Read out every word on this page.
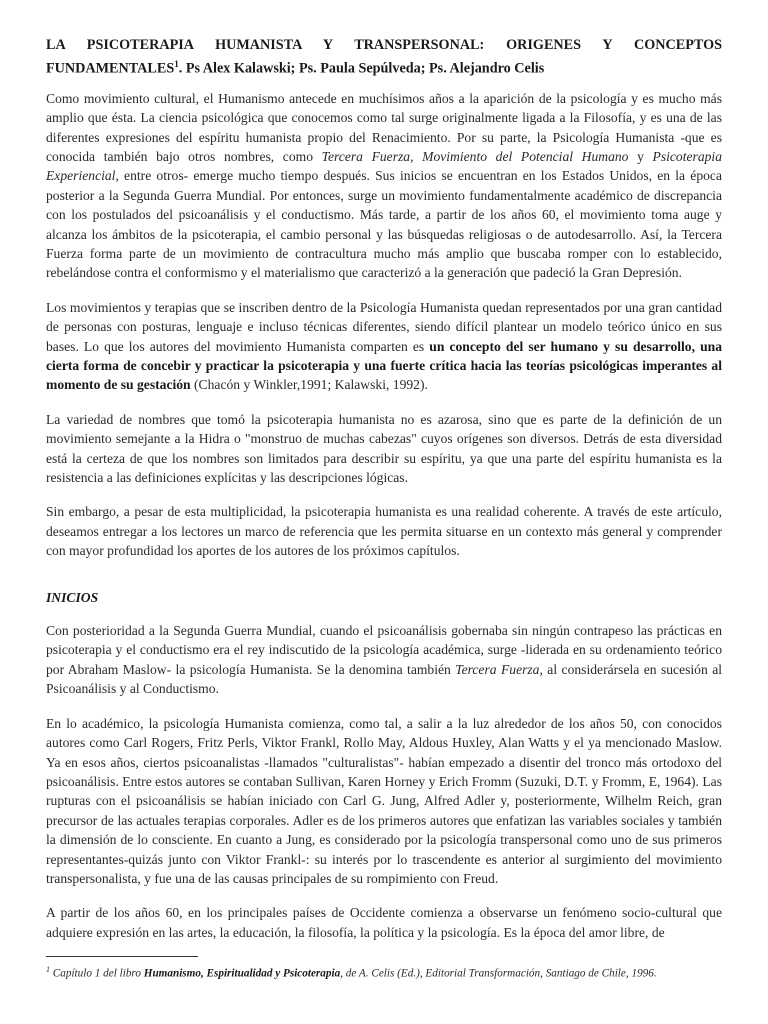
LA PSICOTERAPIA HUMANISTA Y TRANSPERSONAL: ORIGENES Y CONCEPTOS FUNDAMENTALES$^1$. Ps Alex Kalawski; Ps. Paula Sepúlveda; Ps. Alejandro Celis

Como movimiento cultural, el Humanismo antecede en muchísimos años a la aparición de la psicología y es mucho más amplio que ésta. La ciencia psicológica que conocemos como tal surge originalmente ligada a la Filosofía, y es una de las diferentes expresiones del espíritu humanista propio del Renacimiento. Por su parte, la Psicología Humanista -que es conocida también bajo otros nombres, como Tercera Fuerza, Movimiento del Potencial Humano y Psicoterapia Experiencial, entre otros- emerge mucho tiempo después. Sus inicios se encuentran en los Estados Unidos, en la época posterior a la Segunda Guerra Mundial. Por entonces, surge un movimiento fundamentalmente académico de discrepancia con los postulados del psicoanálisis y el conductismo. Más tarde, a partir de los años 60, el movimiento toma auge y alcanza los ámbitos de la psicoterapia, el cambio personal y las búsquedas religiosas o de autodesarrollo. Así, la Tercera Fuerza forma parte de un movimiento de contracultura mucho más amplio que buscaba romper con lo establecido, rebelándose contra el conformismo y el materialismo que caracterizó a la generación que padeció la Gran Depresión.

Los movimientos y terapias que se inscriben dentro de la Psicología Humanista quedan representados por una gran cantidad de personas con posturas, lenguaje e incluso técnicas diferentes, siendo difícil plantear un modelo teórico único en sus bases. Lo que los autores del movimiento Humanista comparten es un concepto del ser humano y su desarrollo, una cierta forma de concebir y practicar la psicoterapia y una fuerte crítica hacia las teorías psicológicas imperantes al momento de su gestación (Chacón y Winkler,1991; Kalawski, 1992).

La variedad de nombres que tomó la psicoterapia humanista no es azarosa, sino que es parte de la definición de un movimiento semejante a la Hidra o "monstruo de muchas cabezas" cuyos orígenes son diversos. Detrás de esta diversidad está la certeza de que los nombres son limitados para describir su espíritu, ya que una parte del espíritu humanista es la resistencia a las definiciones explícitas y las descripciones lógicas.

Sin embargo, a pesar de esta multiplicidad, la psicoterapia humanista es una realidad coherente. A través de este artículo, deseamos entregar a los lectores un marco de referencia que les permita situarse en un contexto más general y comprender con mayor profundidad los aportes de los autores de los próximos capítulos.

INICIOS

Con posterioridad a la Segunda Guerra Mundial, cuando el psicoanálisis gobernaba sin ningún contrapeso las prácticas en psicoterapia y el conductismo era el rey indiscutido de la psicología académica, surge -liderada en su ordenamiento teórico por Abraham Maslow- la psicología Humanista. Se la denomina también Tercera Fuerza, al considerársela en sucesión al Psicoanálisis y al Conductismo.

En lo académico, la psicología Humanista comienza, como tal, a salir a la luz alrededor de los años 50, con conocidos autores como Carl Rogers, Fritz Perls, Viktor Frankl, Rollo May, Aldous Huxley, Alan Watts y el ya mencionado Maslow. Ya en esos años, ciertos psicoanalistas -llamados "culturalistas"- habían empezado a disentir del tronco más ortodoxo del psicoanálisis. Entre estos autores se contaban Sullivan, Karen Horney y Erich Fromm (Suzuki, D.T. y Fromm, E, 1964). Las rupturas con el psicoanálisis se habían iniciado con Carl G. Jung, Alfred Adler y, posteriormente, Wilhelm Reich, gran precursor de las actuales terapias corporales. Adler es de los primeros autores que enfatizan las variables sociales y también la dimensión de lo consciente. En cuanto a Jung, es considerado por la psicología transpersonal como uno de sus primeros representantes-quizás junto con Viktor Frankl-: su interés por lo trascendente es anterior al surgimiento del movimiento transpersonalista, y fue una de las causas principales de su rompimiento con Freud.

A partir de los años 60, en los principales países de Occidente comienza a observarse un fenómeno socio-cultural que adquiere expresión en las artes, la educación, la filosofía, la política y la psicología. Es la época del amor libre, de

$^1$ Capítulo 1 del libro Humanismo, Espiritualidad y Psicoterapia, de A. Celis (Ed.), Editorial Transformación, Santiago de Chile, 1996.
